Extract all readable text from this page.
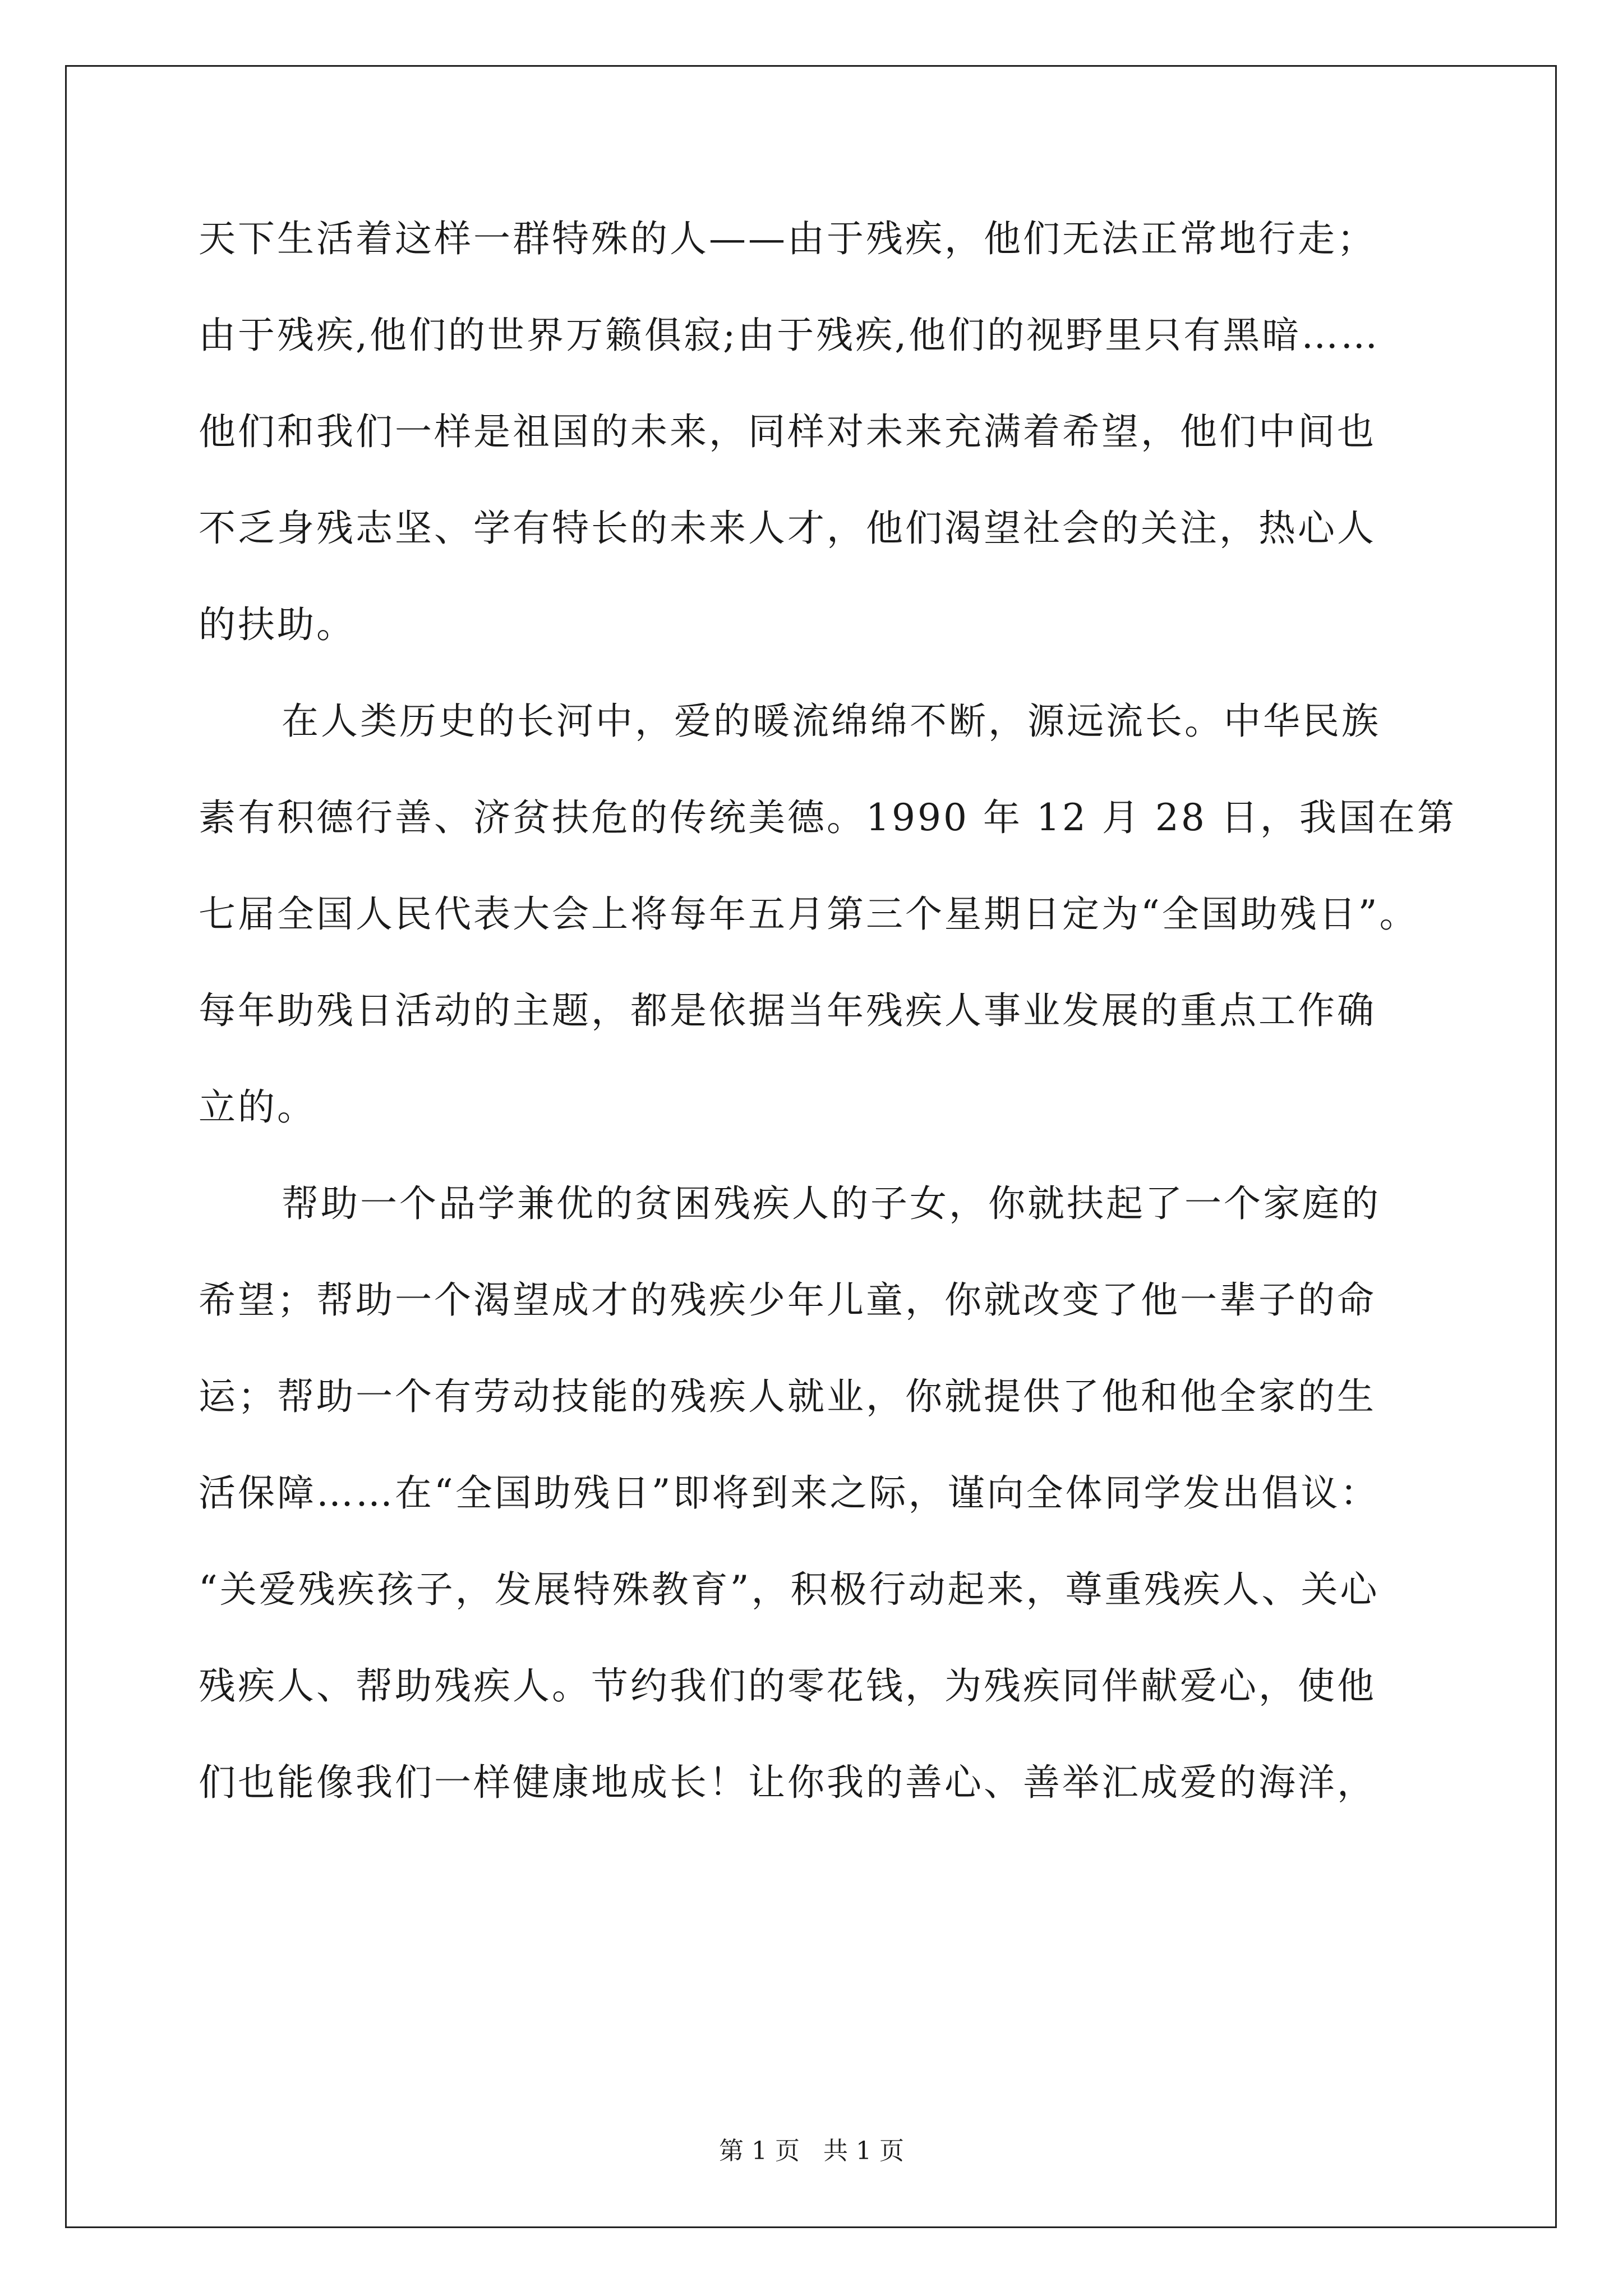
天下生活着这样一群特殊的人——由于残疾，他们无法正常地行走；
由于残疾,他们的世界万籁俱寂;由于残疾,他们的视野里只有黑暗……
他们和我们一样是祖国的未来，同样对未来充满着希望，他们中间也
不乏身残志坚、学有特长的未来人才，他们渴望社会的关注，热心人
的扶助。
在人类历史的长河中，爱的暖流绵绵不断，源远流长。中华民族
素有积德行善、济贫扶危的传统美德。1990 年 12 月 28 日，我国在第
七届全国人民代表大会上将每年五月第三个星期日定为“全国助残日”。
每年助残日活动的主题，都是依据当年残疾人事业发展的重点工作确
立的。
帮助一个品学兼优的贫困残疾人的子女，你就扶起了一个家庭的
希望；帮助一个渴望成才的残疾少年儿童，你就改变了他一辈子的命
运；帮助一个有劳动技能的残疾人就业，你就提供了他和他全家的生
活保障……在“全国助残日”即将到来之际，谨向全体同学发出倡议：
“关爱残疾孩子，发展特殊教育”，积极行动起来，尊重残疾人、关心
残疾人、帮助残疾人。节约我们的零花钱，为残疾同伴献爱心，使他
们也能像我们一样健康地成长！让你我的善心、善举汇成爱的海洋，
第 1 页 共 1 页
